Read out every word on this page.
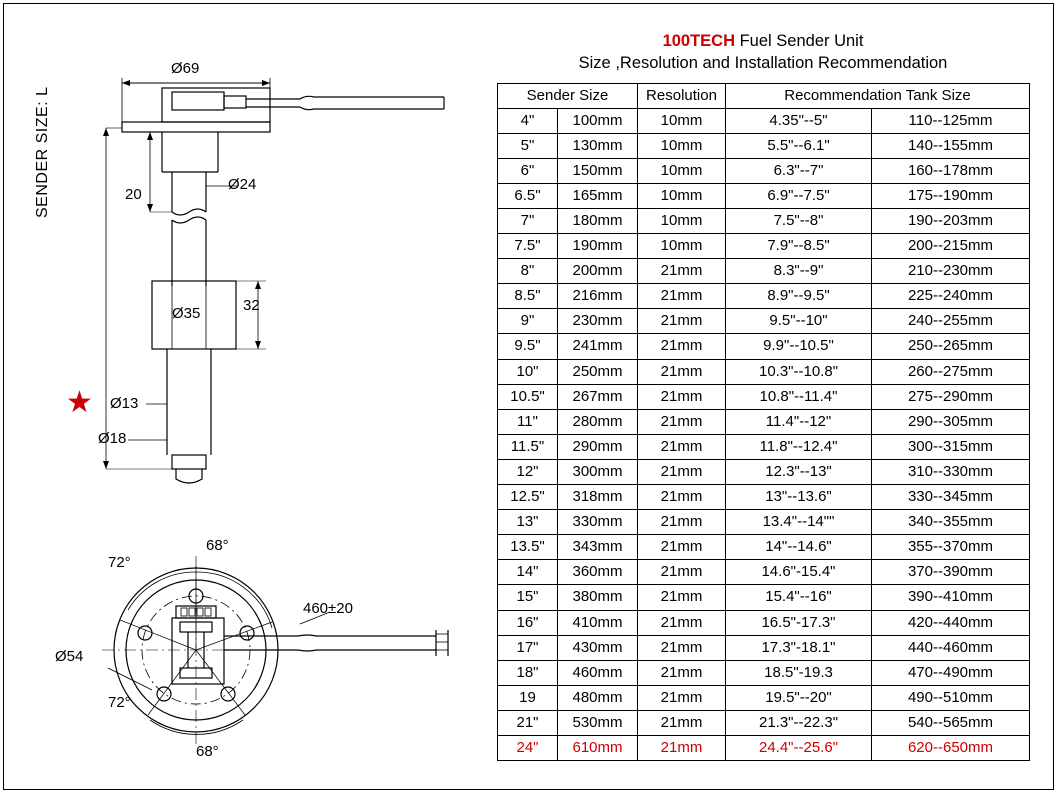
SENDER SIZE: L
★
Ø69
Ø24
20
Ø35	32
Ø13
Ø18
68°
72°
72°
68°
Ø54
460±20
100TECH Fuel Sender Unit
Size ,Resolution and Installation Recommendation
Sender Size		Resolution	Recommendation Tank Size	
4"	100mm	10mm	4.35"--5"	110--125mm
5"	130mm	10mm	5.5"--6.1"	140--155mm
6"	150mm	10mm	6.3"--7"	160--178mm
6.5"	165mm	10mm	6.9"--7.5"	175--190mm
7"	180mm	10mm	7.5"--8"	190--203mm
7.5"	190mm	10mm	7.9"--8.5"	200--215mm
8"	200mm	21mm	8.3"--9"	210--230mm
8.5"	216mm	21mm	8.9"--9.5"	225--240mm
9"	230mm	21mm	9.5"--10"	240--255mm
9.5"	241mm	21mm	9.9"--10.5"	250--265mm
10"	250mm	21mm	10.3"--10.8"	260--275mm
10.5"	267mm	21mm	10.8"--11.4"	275--290mm
11"	280mm	21mm	11.4"--12"	290--305mm
11.5"	290mm	21mm	11.8"--12.4"	300--315mm
12"	300mm	21mm	12.3"--13"	310--330mm
12.5"	318mm	21mm	13"--13.6"	330--345mm
13"	330mm	21mm	13.4"--14""	340--355mm
13.5"	343mm	21mm	14"--14.6"	355--370mm
14"	360mm	21mm	14.6"-15.4"	370--390mm
15"	380mm	21mm	15.4"--16"	390--410mm
16"	410mm	21mm	16.5"-17.3"	420--440mm
17"	430mm	21mm	17.3"-18.1"	440--460mm
18"	460mm	21mm	18.5"-19.3	470--490mm
19	480mm	21mm	19.5"--20"	490--510mm
21"	530mm	21mm	21.3"--22.3"	540--565mm
24"	610mm	21mm	24.4"--25.6"	620--650mm
